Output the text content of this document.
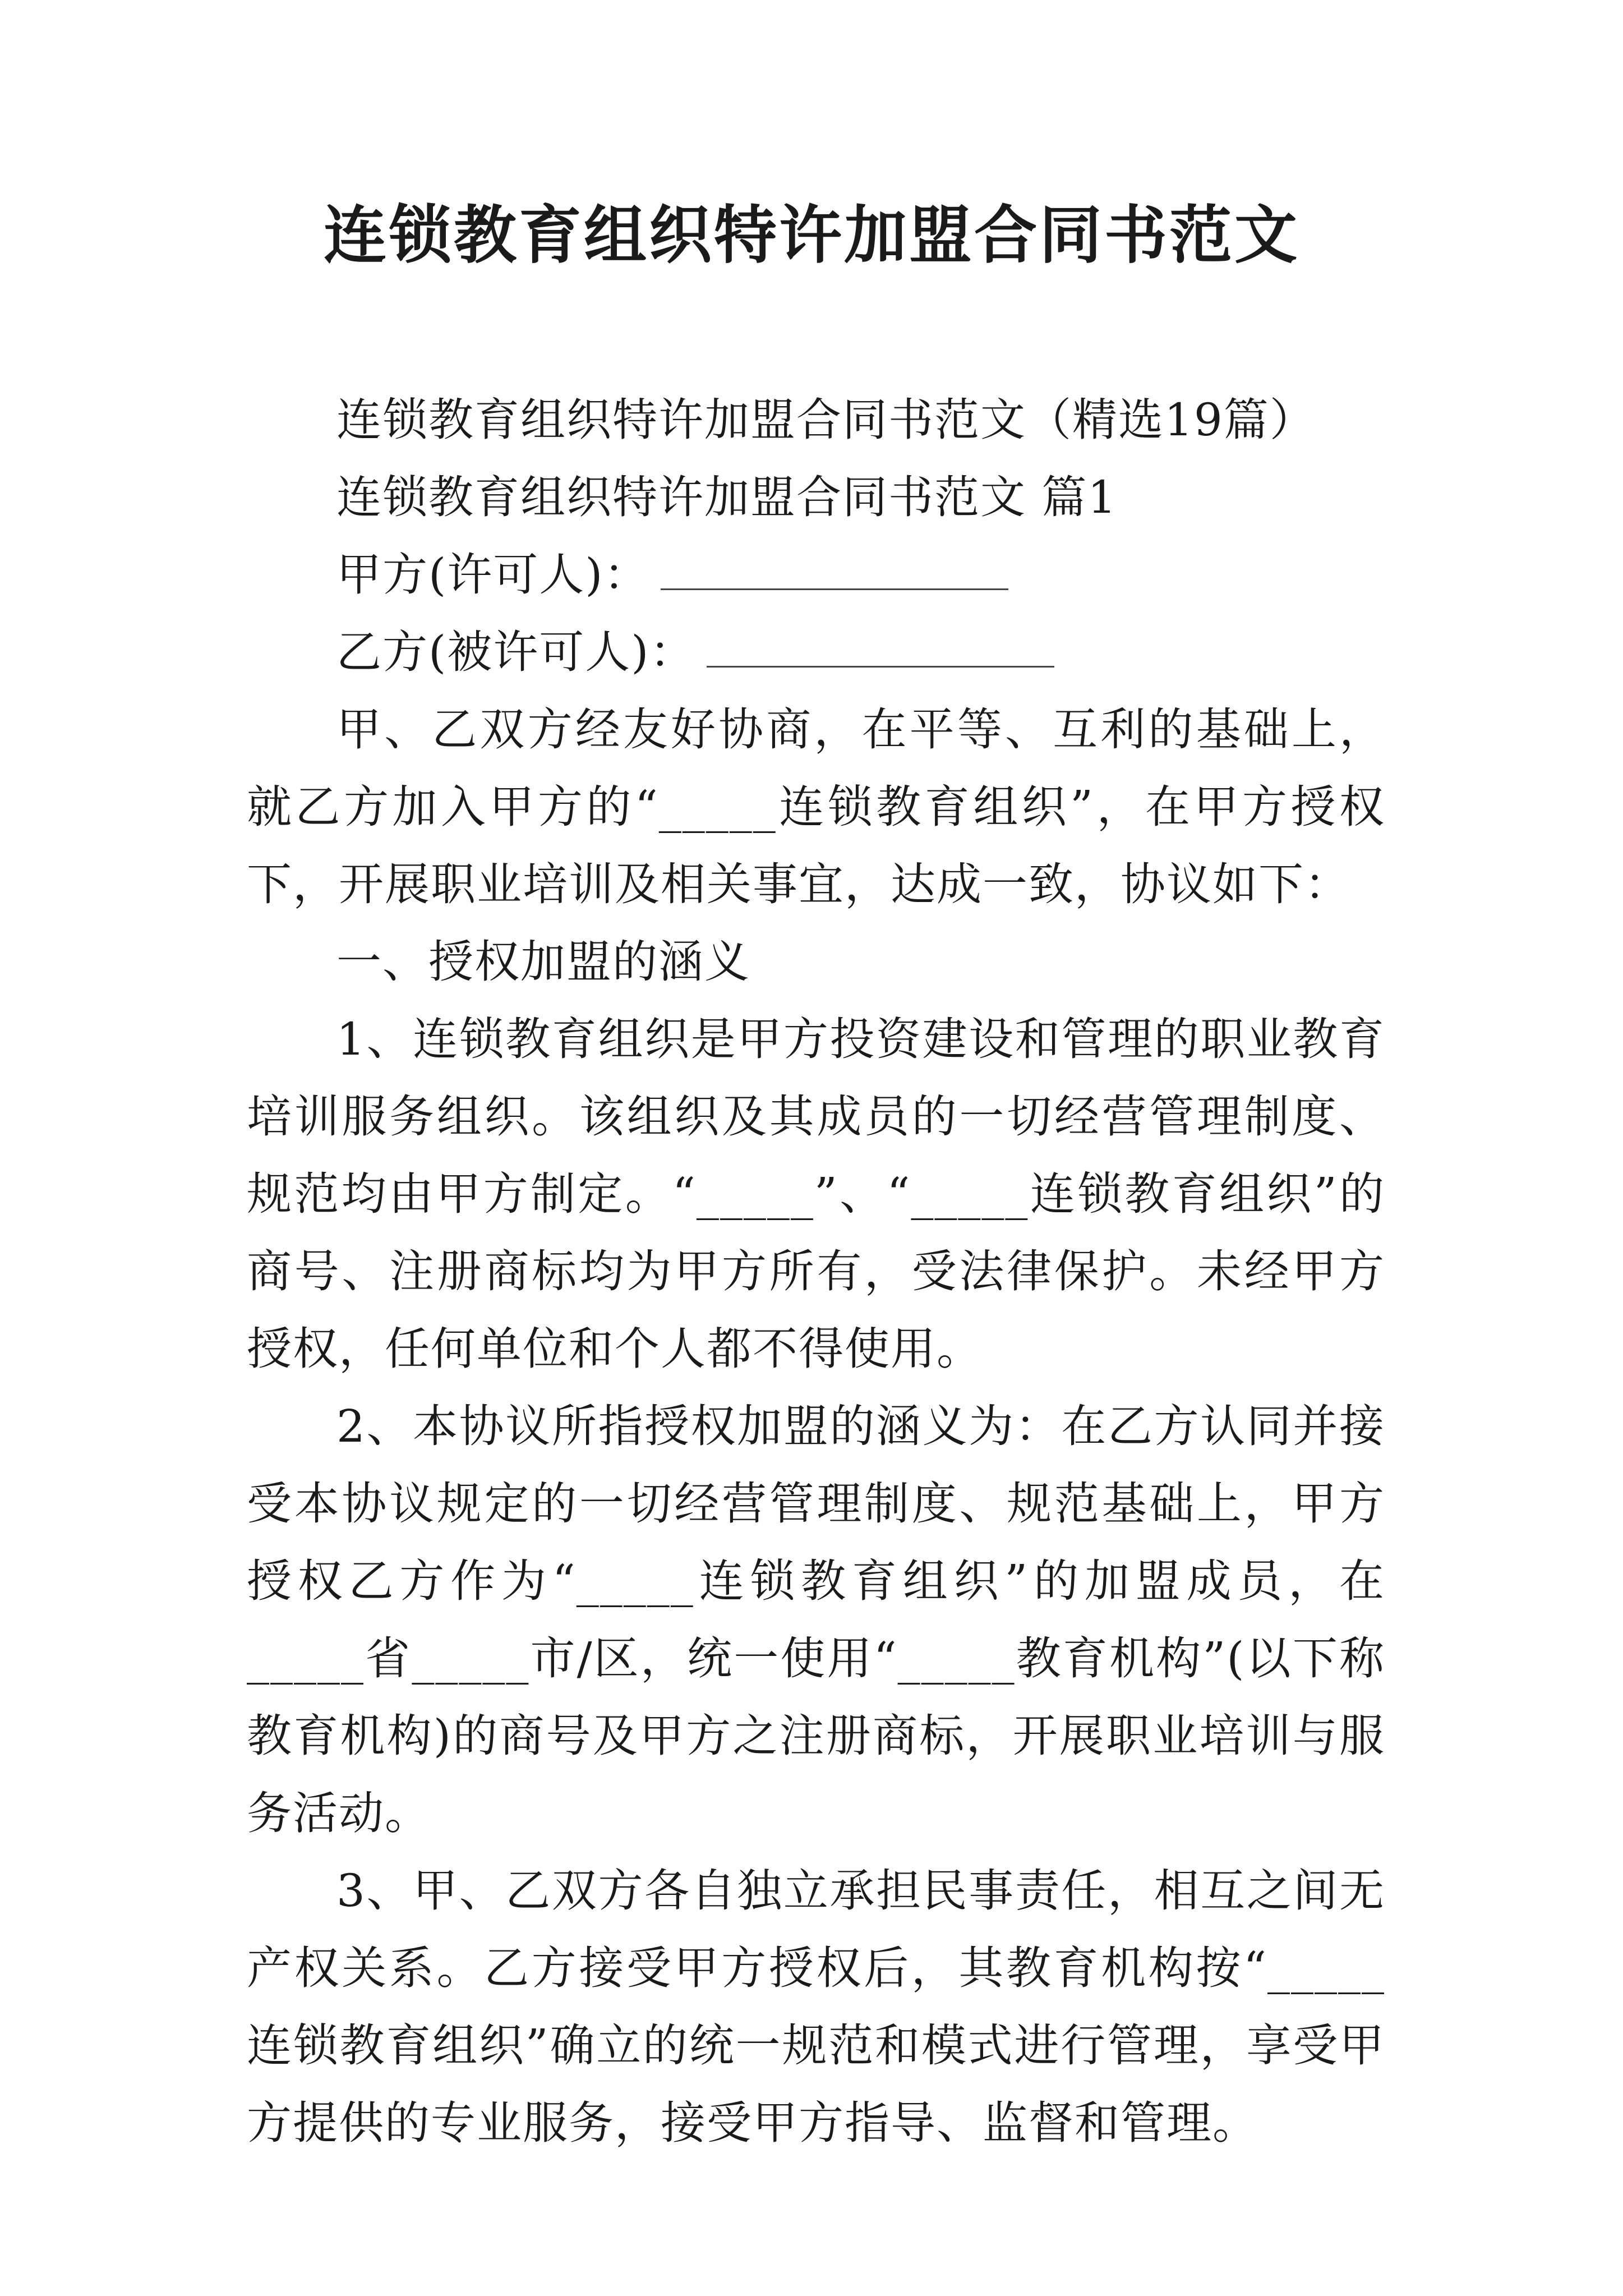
连锁教育组织特许加盟合同书范文

连锁教育组织特许加盟合同书范文（精选19篇）

连锁教育组织特许加盟合同书范文 篇1

甲方(许可人)：

乙方(被许可人)：

甲、乙双方经友好协商，在平等、互利的基础上，就乙方加入甲方的“_____连锁教育组织”，在甲方授权下，开展职业培训及相关事宜，达成一致，协议如下：

一、授权加盟的涵义

1、连锁教育组织是甲方投资建设和管理的职业教育培训服务组织。该组织及其成员的一切经营管理制度、规范均由甲方制定。“_____”、“_____连锁教育组织”的商号、注册商标均为甲方所有，受法律保护。未经甲方授权，任何单位和个人都不得使用。

2、本协议所指授权加盟的涵义为：在乙方认同并接受本协议规定的一切经营管理制度、规范基础上，甲方授权乙方作为“_____连锁教育组织”的加盟成员，在_____省_____市/区，统一使用“_____教育机构”(以下称教育机构)的商号及甲方之注册商标，开展职业培训与服务活动。

3、甲、乙双方各自独立承担民事责任，相互之间无产权关系。乙方接受甲方授权后，其教育机构按“_____连锁教育组织”确立的统一规范和模式进行管理，享受甲方提供的专业服务，接受甲方指导、监督和管理。
